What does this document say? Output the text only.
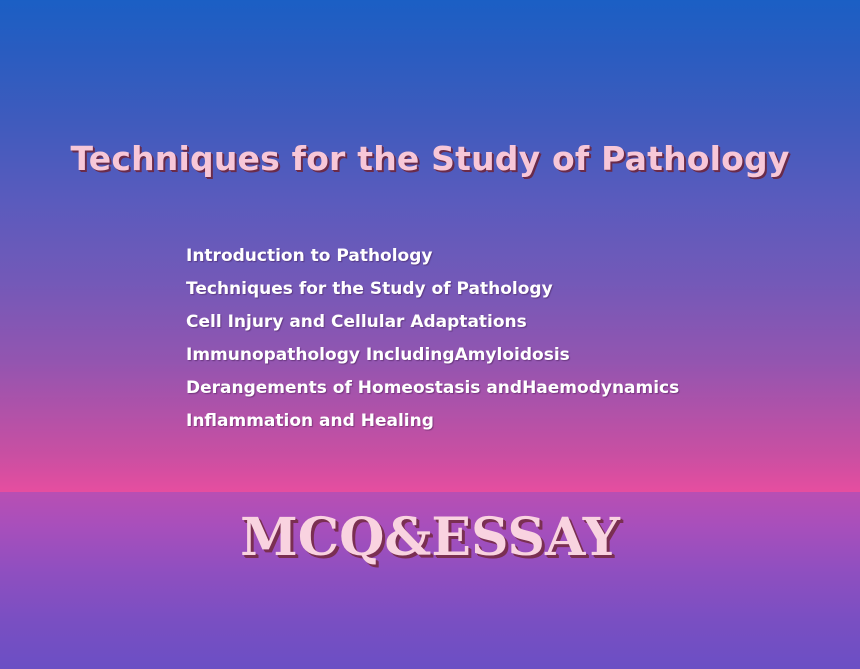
Techniques for the Study of Pathology
Introduction to Pathology
Techniques for the Study of Pathology
Cell Injury and Cellular Adaptations
Immunopathology IncludingAmyloidosis
Derangements of Homeostasis andHaemodynamics
Inflammation and Healing
MCQ&ESSAY
